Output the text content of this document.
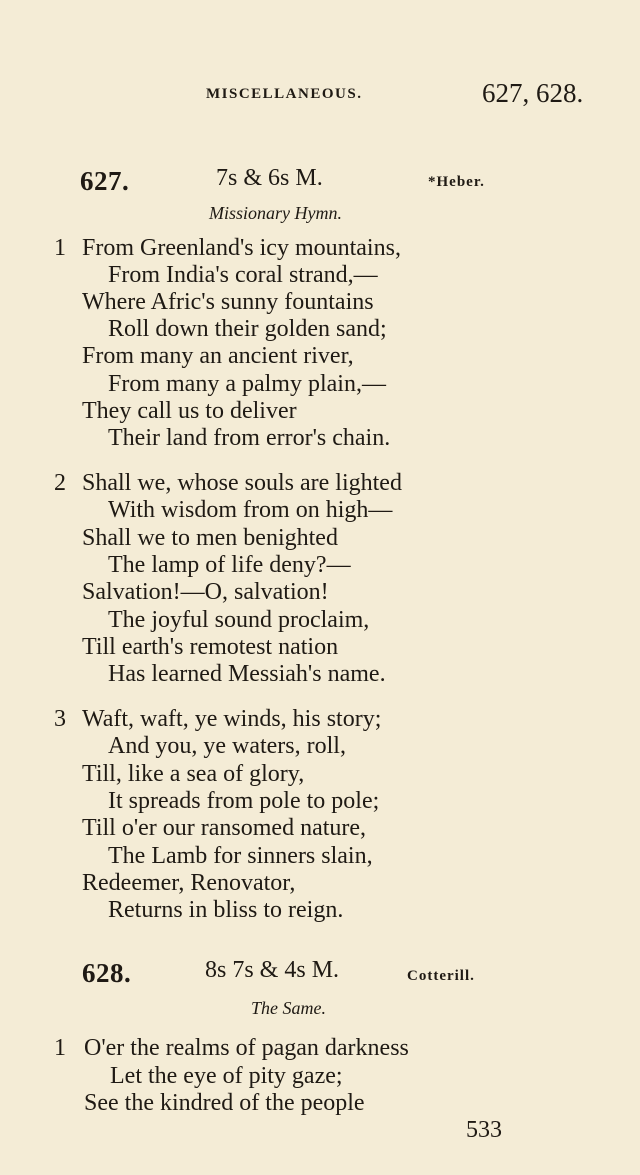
MISCELLANEOUS.	627, 628.
627.	7s & 6s M.	*Heber.
Missionary Hymn.
1 From Greenland's icy mountains,
From India's coral strand,—
Where Afric's sunny fountains
Roll down their golden sand;
From many an ancient river,
From many a palmy plain,—
They call us to deliver
Their land from error's chain.
2 Shall we, whose souls are lighted
With wisdom from on high—
Shall we to men benighted
The lamp of life deny?—
Salvation!—O, salvation!
The joyful sound proclaim,
Till earth's remotest nation
Has learned Messiah's name.
3 Waft, waft, ye winds, his story;
And you, ye waters, roll,
Till, like a sea of glory,
It spreads from pole to pole;
Till o'er our ransomed nature,
The Lamb for sinners slain,
Redeemer, Renovator,
Returns in bliss to reign.
628.	8s 7s & 4s M.	Cotterill.
The Same.
1 O'er the realms of pagan darkness
Let the eye of pity gaze;
See the kindred of the people
533
